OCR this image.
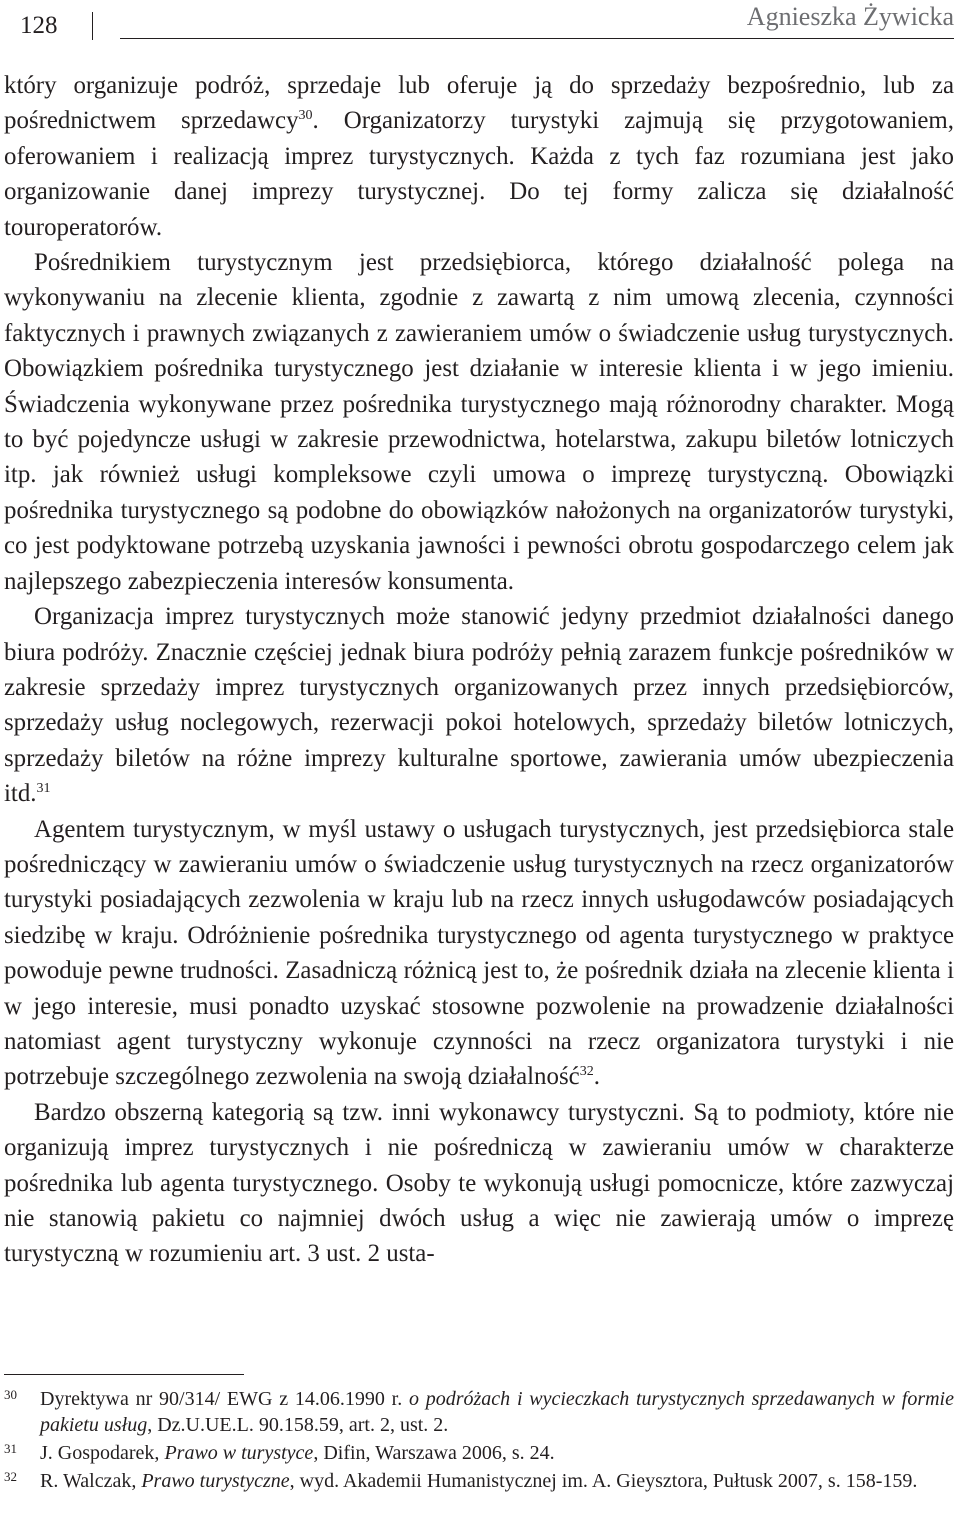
128	Agnieszka Żywicka

który organizuje podróż, sprzedaje lub oferuje ją do sprzedaży bezpośrednio, lub za pośrednictwem sprzedawcy$^{30}$. Organizatorzy turystyki zajmują się przygotowaniem, oferowaniem i realizacją imprez turystycznych. Każda z tych faz rozumiana jest jako organizowanie danej imprezy turystycznej. Do tej formy zalicza się działalność touroperatorów.

Pośrednikiem turystycznym jest przedsiębiorca, którego działalność polega na wykonywaniu na zlecenie klienta, zgodnie z zawartą z nim umową zlecenia, czynności faktycznych i prawnych związanych z zawieraniem umów o świadczenie usług turystycznych. Obowiązkiem pośrednika turystycznego jest działanie w interesie klienta i w jego imieniu. Świadczenia wykonywane przez pośrednika turystycznego mają różnorodny charakter. Mogą to być pojedyncze usługi w zakresie przewodnictwa, hotelarstwa, zakupu biletów lotniczych itp. jak również usługi kompleksowe czyli umowa o imprezę turystyczną. Obowiązki pośrednika turystycznego są podobne do obowiązków nałożonych na organizatorów turystyki, co jest podyktowane potrzebą uzyskania jawności i pewności obrotu gospodarczego celem jak najlepszego zabezpieczenia interesów konsumenta.

Organizacja imprez turystycznych może stanowić jedyny przedmiot działalności danego biura podróży. Znacznie częściej jednak biura podróży pełnią zarazem funkcje pośredników w zakresie sprzedaży imprez turystycznych organizowanych przez innych przedsiębiorców, sprzedaży usług noclegowych, rezerwacji pokoi hotelowych, sprzedaży biletów lotniczych, sprzedaży biletów na różne imprezy kulturalne sportowe, zawierania umów ubezpieczenia itd.$^{31}$

Agentem turystycznym, w myśl ustawy o usługach turystycznych, jest przedsiębiorca stale pośredniczący w zawieraniu umów o świadczenie usług turystycznych na rzecz organizatorów turystyki posiadających zezwolenia w kraju lub na rzecz innych usługodawców posiadających siedzibę w kraju. Odróżnienie pośrednika turystycznego od agenta turystycznego w praktyce powoduje pewne trudności. Zasadniczą różnicą jest to, że pośrednik działa na zlecenie klienta i w jego interesie, musi ponadto uzyskać stosowne pozwolenie na prowadzenie działalności natomiast agent turystyczny wykonuje czynności na rzecz organizatora turystyki i nie potrzebuje szczególnego zezwolenia na swoją działalność$^{32}$.

Bardzo obszerną kategorią są tzw. inni wykonawcy turystyczni. Są to podmioty, które nie organizują imprez turystycznych i nie pośredniczą w zawieraniu umów w charakterze pośrednika lub agenta turystycznego. Osoby te wykonują usługi pomocnicze, które zazwyczaj nie stanowią pakietu co najmniej dwóch usług a więc nie zawierają umów o imprezę turystyczną w rozumieniu art. 3 ust. 2 usta-

30 Dyrektywa nr 90/314/ EWG z 14.06.1990 r. o podróżach i wycieczkach turystycznych sprzedawanych w formie pakietu usług, Dz.U.UE.L. 90.158.59, art. 2, ust. 2.

31 J. Gospodarek, Prawo w turystyce, Difin, Warszawa 2006, s. 24.

32 R. Walczak, Prawo turystyczne, wyd. Akademii Humanistycznej im. A. Gieysztora, Pułtusk 2007, s. 158-159.
